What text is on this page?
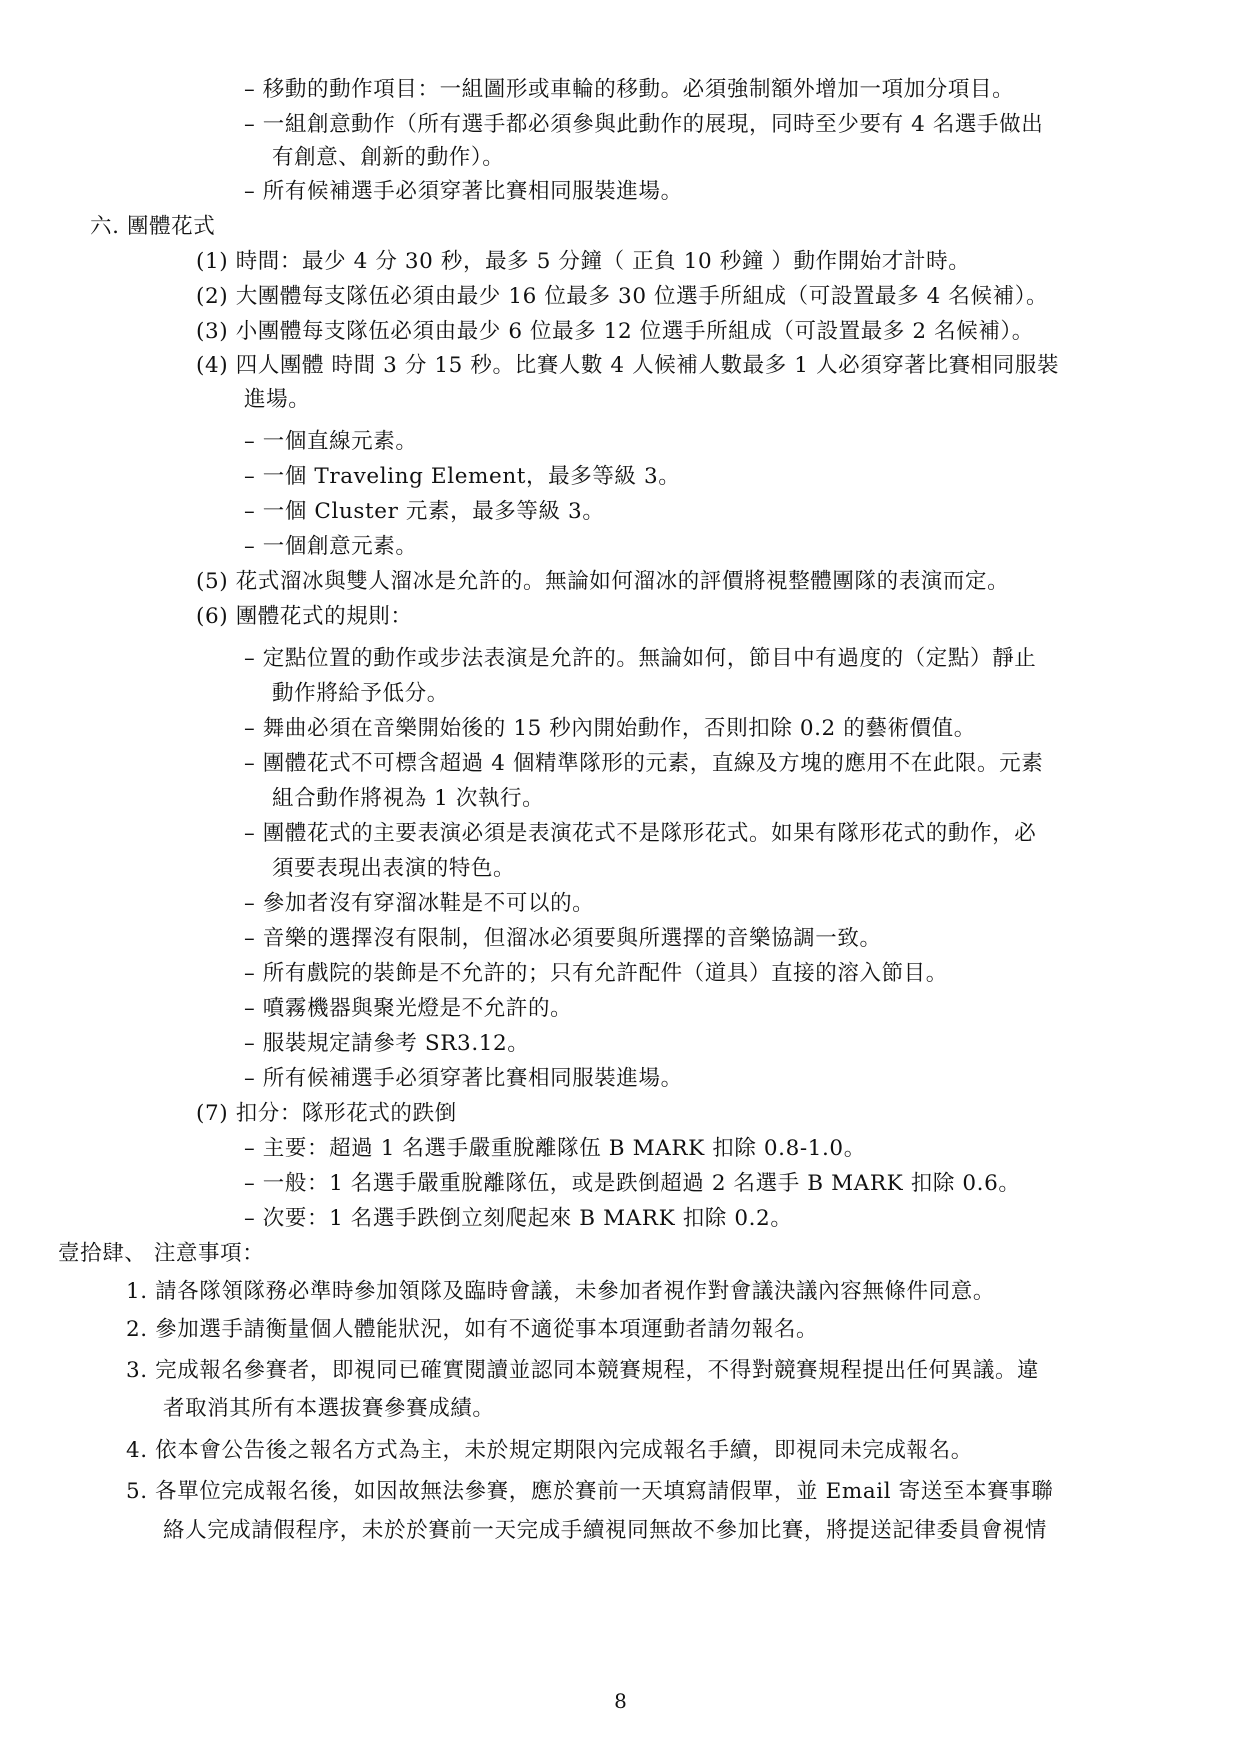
– 移動的動作項目：一組圖形或車輪的移動。必須強制額外增加一項加分項目。
– 一組創意動作（所有選手都必須參與此動作的展現，同時至少要有 4 名選手做出
有創意、創新的動作）。
– 所有候補選手必須穿著比賽相同服裝進場。
六. 團體花式
(1) 時間：最少 4 分 30 秒，最多 5 分鐘（ 正負 10 秒鐘 ）動作開始才計時。
(2) 大團體每支隊伍必須由最少 16 位最多 30 位選手所組成（可設置最多 4 名候補）。
(3) 小團體每支隊伍必須由最少 6 位最多 12 位選手所組成（可設置最多 2 名候補）。
(4) 四人團體 時間 3 分 15 秒。比賽人數 4 人候補人數最多 1 人必須穿著比賽相同服裝
進場。
– 一個直線元素。
– 一個 Traveling Element，最多等級 3。
– 一個 Cluster 元素，最多等級 3。
– 一個創意元素。
(5) 花式溜冰與雙人溜冰是允許的。無論如何溜冰的評價將視整體團隊的表演而定。
(6) 團體花式的規則：
– 定點位置的動作或步法表演是允許的。無論如何，節目中有過度的（定點）靜止
動作將給予低分。
– 舞曲必須在音樂開始後的 15 秒內開始動作，否則扣除 0.2 的藝術價值。
– 團體花式不可標含超過 4 個精準隊形的元素，直線及方塊的應用不在此限。元素
組合動作將視為 1 次執行。
– 團體花式的主要表演必須是表演花式不是隊形花式。如果有隊形花式的動作，必
須要表現出表演的特色。
– 參加者沒有穿溜冰鞋是不可以的。
– 音樂的選擇沒有限制，但溜冰必須要與所選擇的音樂協調一致。
– 所有戲院的裝飾是不允許的；只有允許配件（道具）直接的溶入節目。
– 噴霧機器與聚光燈是不允許的。
– 服裝規定請參考 SR3.12。
– 所有候補選手必須穿著比賽相同服裝進場。
(7) 扣分：隊形花式的跌倒
– 主要：超過 1 名選手嚴重脫離隊伍 B MARK 扣除 0.8-1.0。
– 一般：1 名選手嚴重脫離隊伍，或是跌倒超過 2 名選手 B MARK 扣除 0.6。
– 次要：1 名選手跌倒立刻爬起來 B MARK 扣除 0.2。
壹拾肆、 注意事項：
1. 請各隊領隊務必準時參加領隊及臨時會議，未參加者視作對會議決議內容無條件同意。
2. 參加選手請衡量個人體能狀況，如有不適從事本項運動者請勿報名。
3. 完成報名參賽者，即視同已確實閱讀並認同本競賽規程，不得對競賽規程提出任何異議。違
者取消其所有本選拔賽參賽成績。
4. 依本會公告後之報名方式為主，未於規定期限內完成報名手續，即視同未完成報名。
5. 各單位完成報名後，如因故無法參賽，應於賽前一天填寫請假單，並 Email 寄送至本賽事聯
絡人完成請假程序，未於於賽前一天完成手續視同無故不參加比賽，將提送記律委員會視情
8
